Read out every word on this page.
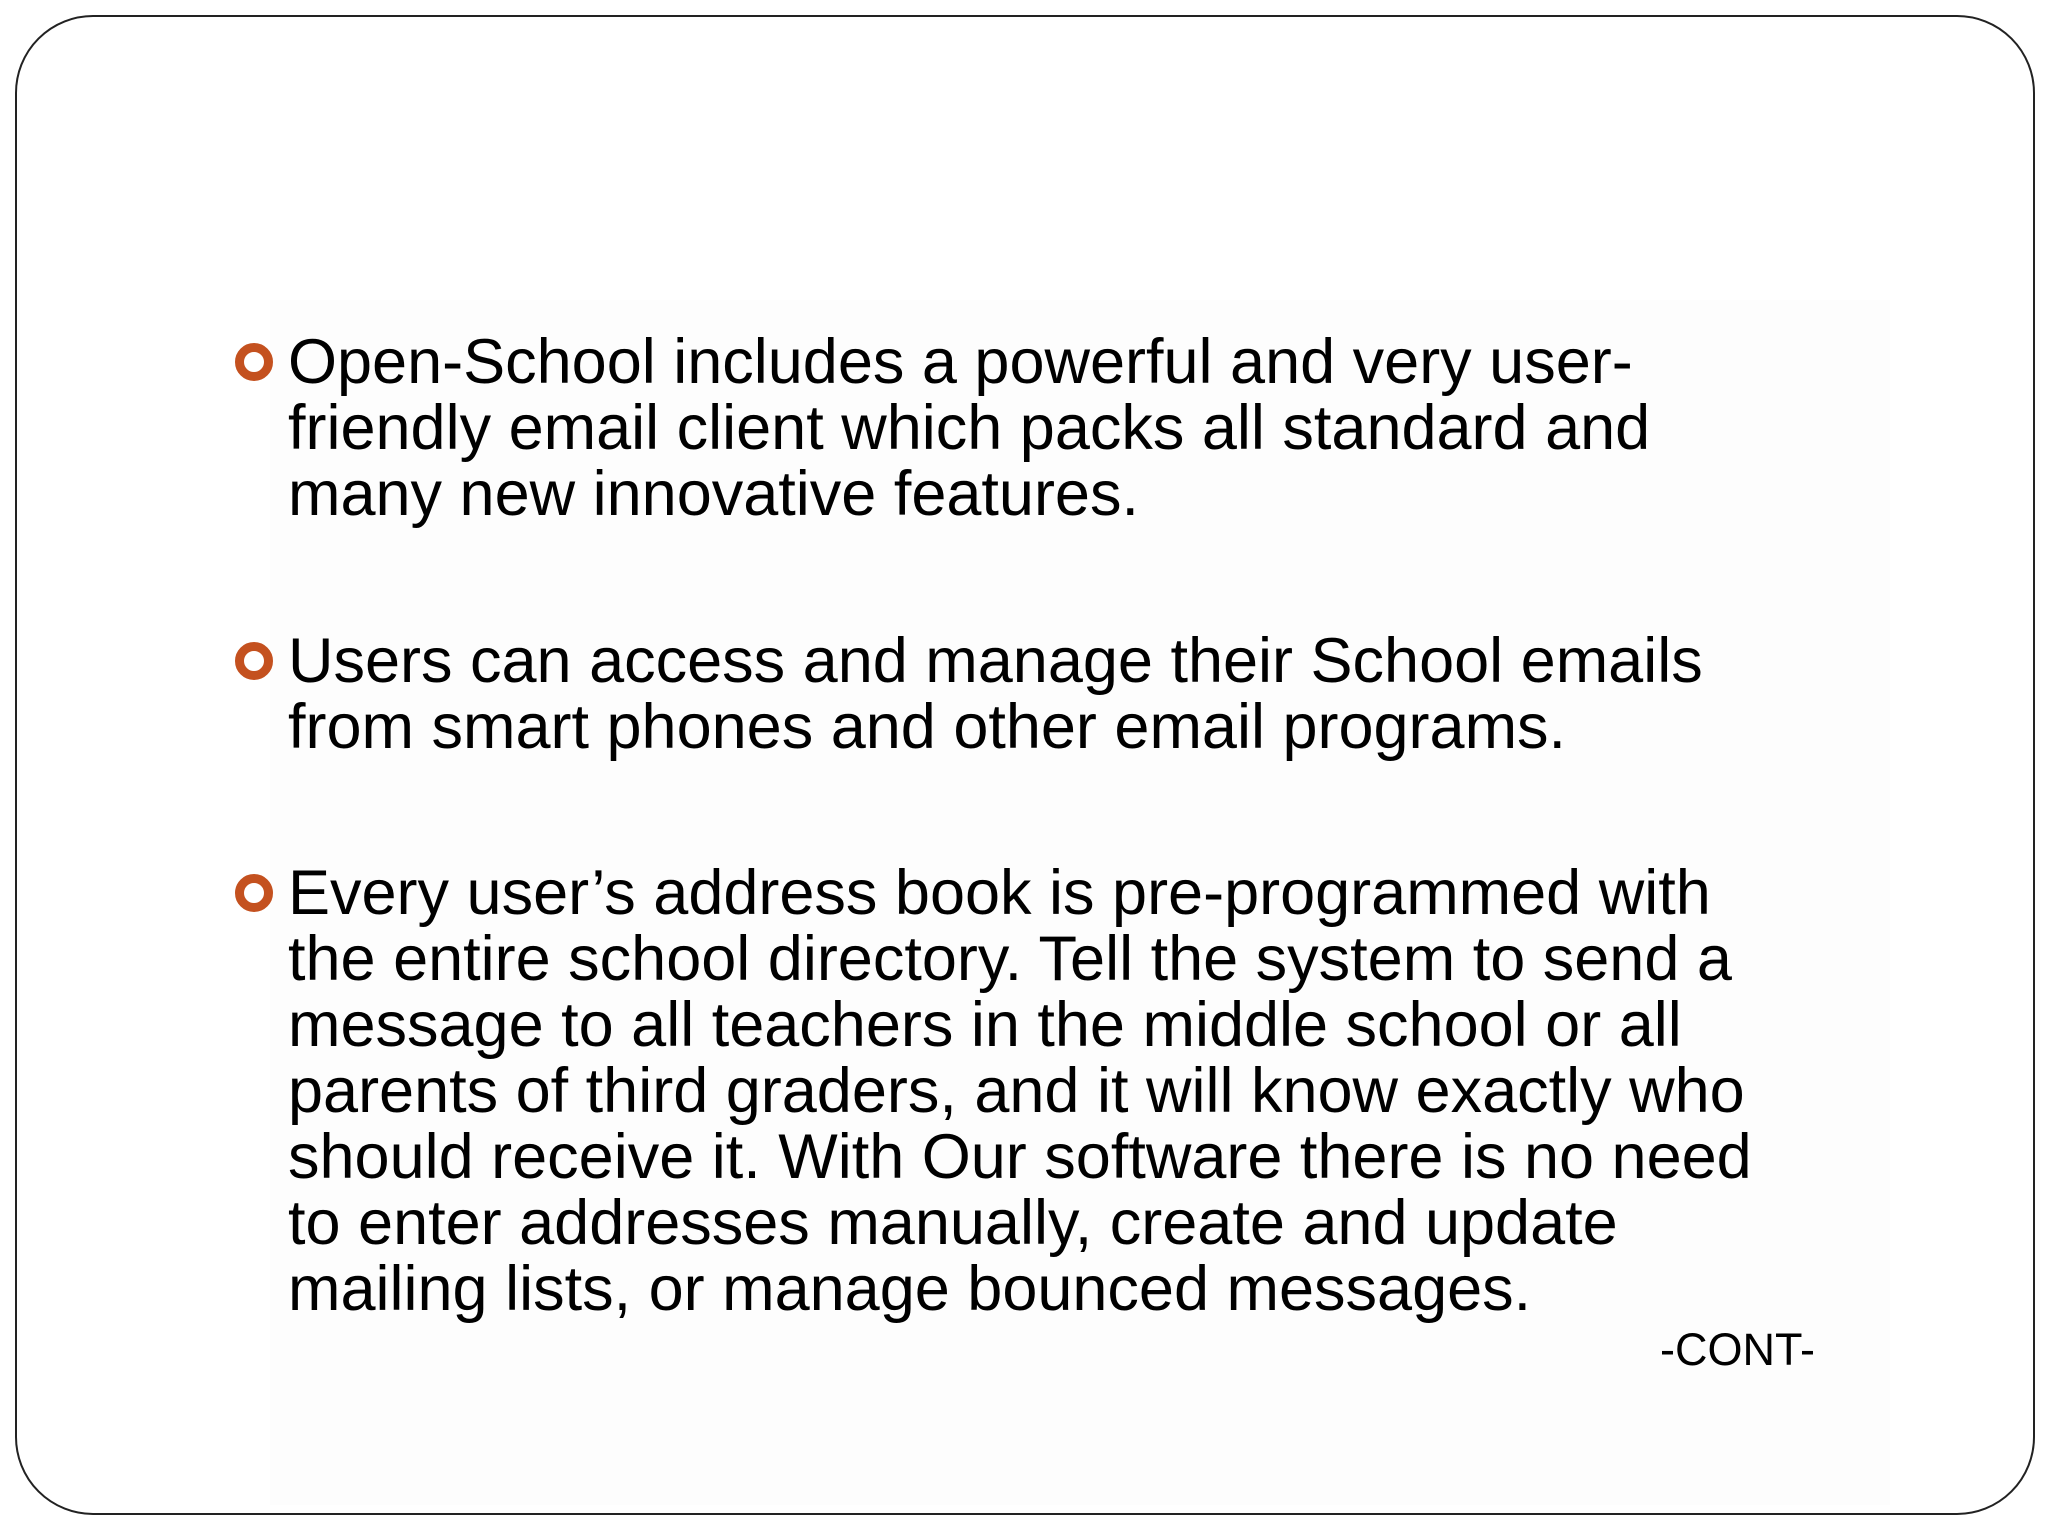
Open-School includes a powerful and very user-
friendly email client which packs all standard and
many new innovative features.

Users can access and manage their School emails
from smart phones and other email programs.

Every user’s address book is pre-programmed with
the entire school directory. Tell the system to send a
message to all teachers in the middle school or all
parents of third graders, and it will know exactly who
should receive it. With Our software there is no need
to enter addresses manually, create and update
mailing lists, or manage bounced messages.

-CONT-
